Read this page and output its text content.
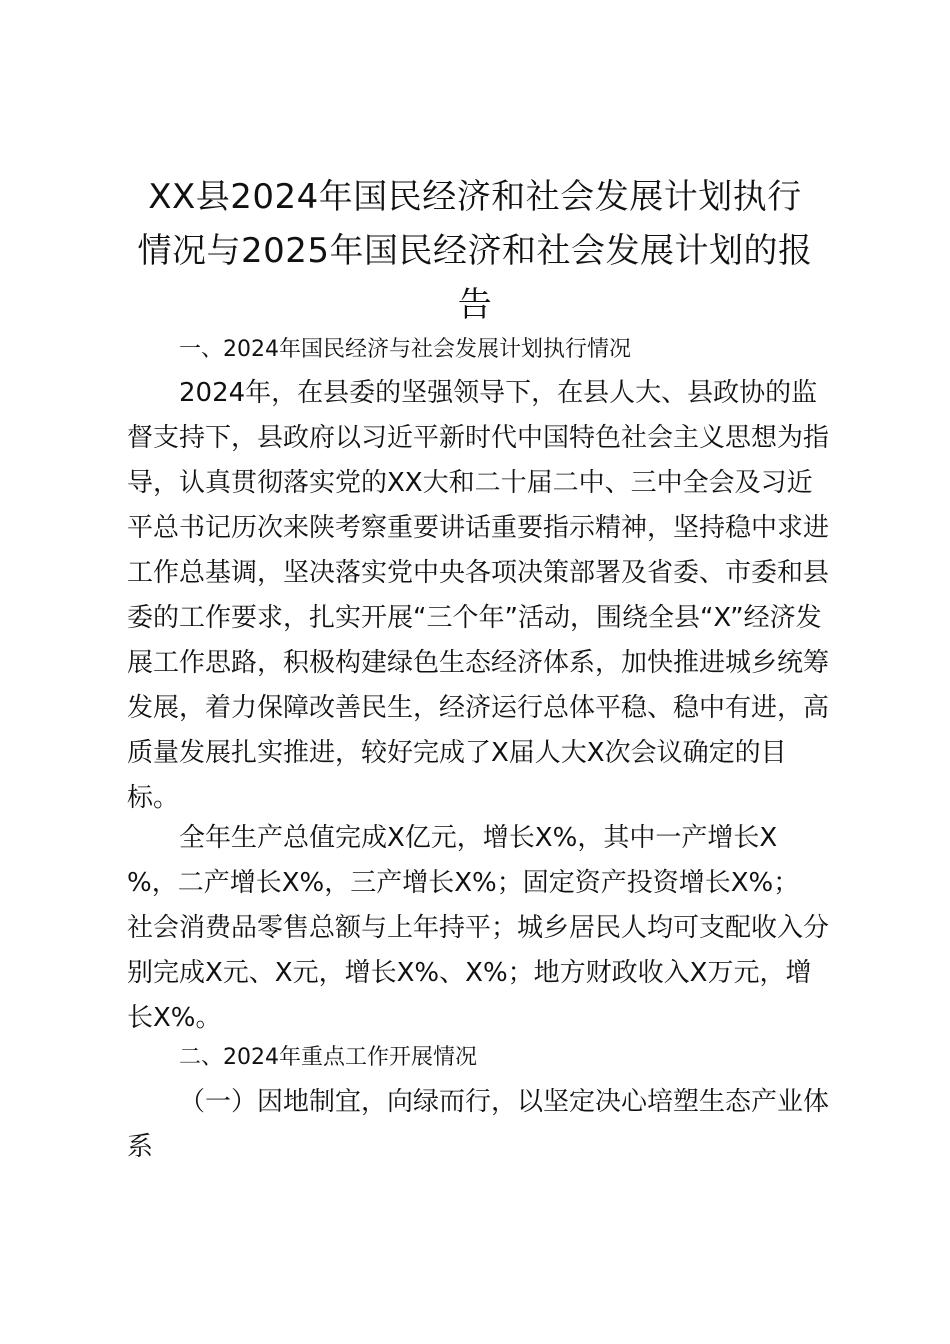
XX县2024年国民经济和社会发展计划执行
情况与2025年国民经济和社会发展计划的报
告

一、2024年国民经济与社会发展计划执行情况

2024年，在县委的坚强领导下，在县人大、县政协的监
督支持下，县政府以习近平新时代中国特色社会主义思想为指
导，认真贯彻落实党的XX大和二十届二中、三中全会及习近
平总书记历次来陕考察重要讲话重要指示精神，坚持稳中求进
工作总基调，坚决落实党中央各项决策部署及省委、市委和县
委的工作要求，扎实开展“三个年”活动，围绕全县“X”经济发
展工作思路，积极构建绿色生态经济体系，加快推进城乡统筹
发展，着力保障改善民生，经济运行总体平稳、稳中有进，高
质量发展扎实推进，较好完成了X届人大X次会议确定的目
标。

全年生产总值完成X亿元，增长X%，其中一产增长X
%，二产增长X%，三产增长X%；固定资产投资增长X%；
社会消费品零售总额与上年持平；城乡居民人均可支配收入分
别完成X元、X元，增长X%、X%；地方财政收入X万元，增
长X%。

二、2024年重点工作开展情况

（一）因地制宜，向绿而行，以坚定决心培塑生态产业体
系
